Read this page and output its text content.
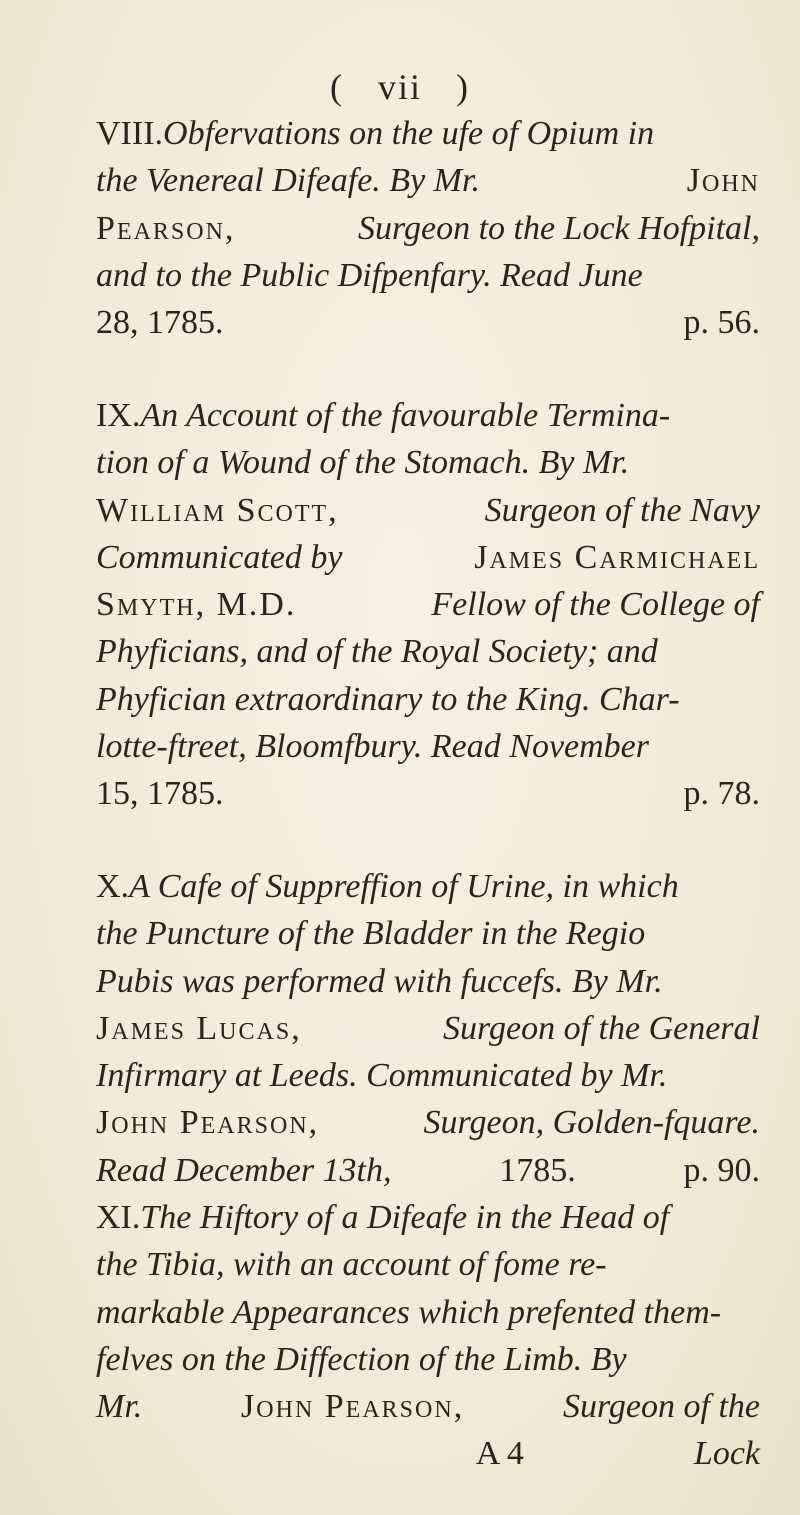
( vii )
VIII. Obfervations on the ufe of Opium in
the Venereal Difeafe. By Mr.	John
Pearson,	Surgeon to the Lock Hofpital,
and to the Public Difpenfary. Read June
28, 1785.	p. 56.
IX. An Account of the favourable Termina-
tion of a Wound of the Stomach. By Mr.
William Scott,	Surgeon of the Navy
Communicated by	James Carmichael
Smyth, M.D.	Fellow of the College of
Phyficians, and of the Royal Society; and
Phyfician extraordinary to the King. Char-
lotte-ftreet, Bloomfbury. Read November
15, 1785.	p. 78.
X. A Cafe of Suppreffion of Urine, in which
the Puncture of the Bladder in the Regio
Pubis was performed with fuccefs. By Mr.
James Lucas,	Surgeon of the General
Infirmary at Leeds. Communicated by Mr.
John Pearson,	Surgeon, Golden-fquare.
Read December 13th,	1785.	p. 90.
XI. The Hiftory of a Difeafe in the Head of
the Tibia, with an account of fome re-
markable Appearances which prefented them-
felves on the Diffection of the Limb. By
Mr.	John Pearson,	Surgeon of the
A 4	Lock
